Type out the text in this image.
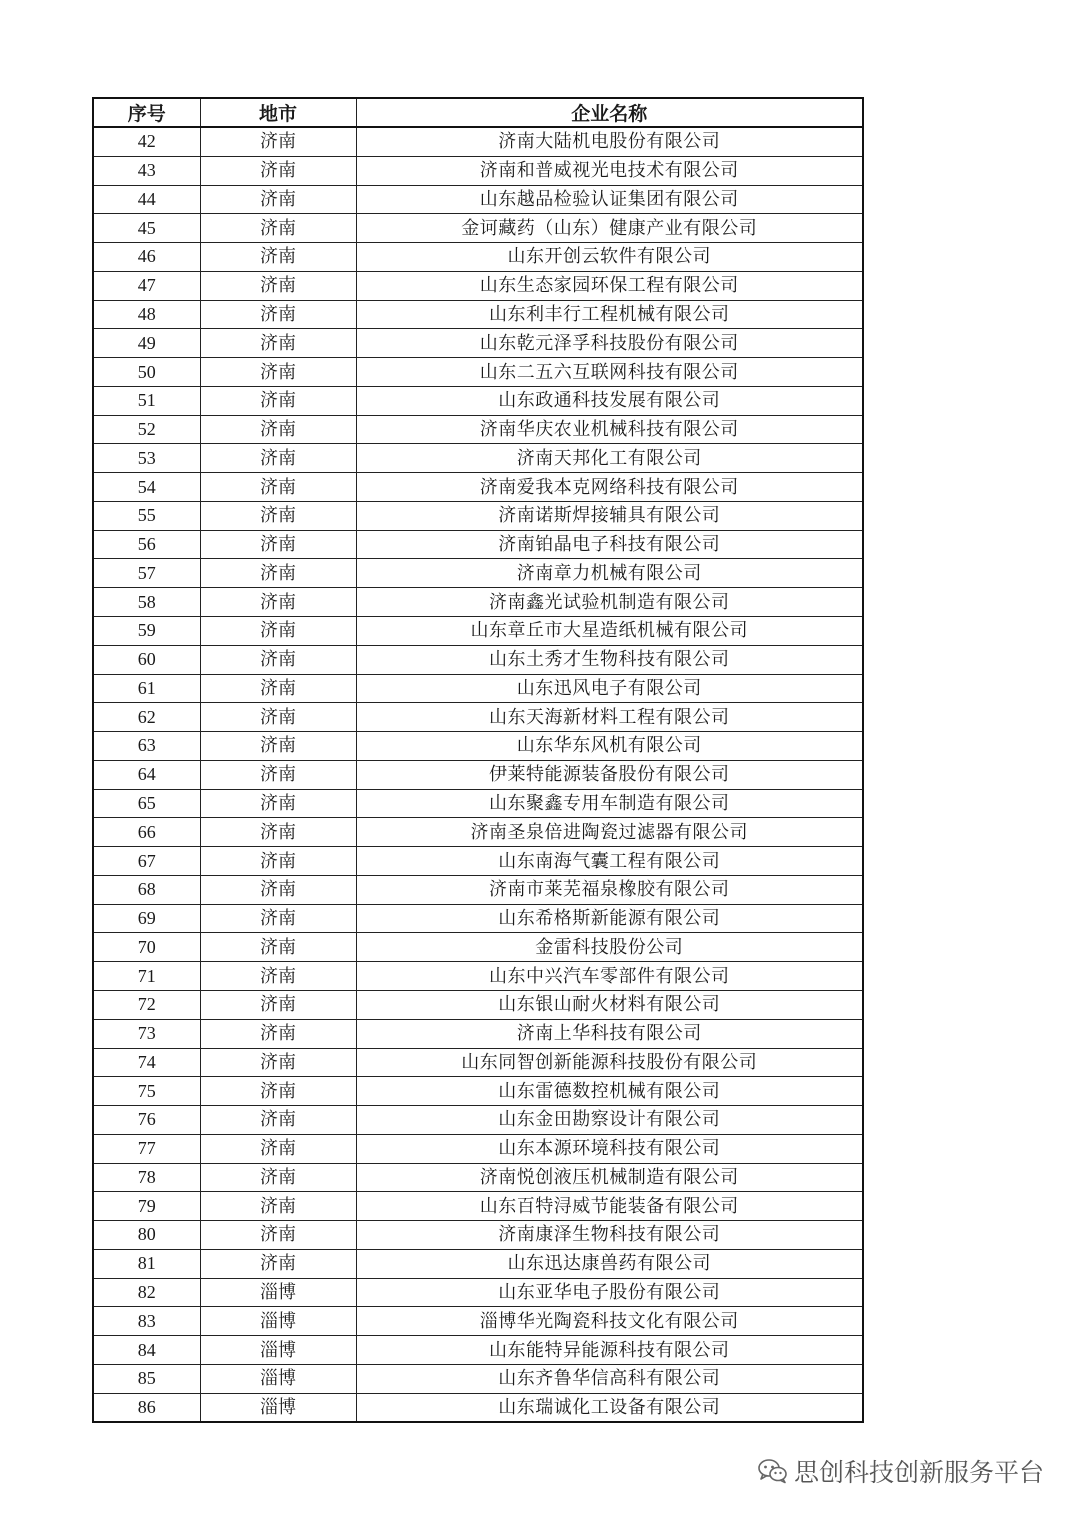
序号	地市	企业名称
42	济南	济南大陆机电股份有限公司
43	济南	济南和普威视光电技术有限公司
44	济南	山东越品检验认证集团有限公司
45	济南	金诃藏药（山东）健康产业有限公司
46	济南	山东开创云软件有限公司
47	济南	山东生态家园环保工程有限公司
48	济南	山东利丰行工程机械有限公司
49	济南	山东乾元泽孚科技股份有限公司
50	济南	山东二五六互联网科技有限公司
51	济南	山东政通科技发展有限公司
52	济南	济南华庆农业机械科技有限公司
53	济南	济南天邦化工有限公司
54	济南	济南爱我本克网络科技有限公司
55	济南	济南诺斯焊接辅具有限公司
56	济南	济南铂晶电子科技有限公司
57	济南	济南章力机械有限公司
58	济南	济南鑫光试验机制造有限公司
59	济南	山东章丘市大星造纸机械有限公司
60	济南	山东土秀才生物科技有限公司
61	济南	山东迅风电子有限公司
62	济南	山东天海新材料工程有限公司
63	济南	山东华东风机有限公司
64	济南	伊莱特能源装备股份有限公司
65	济南	山东聚鑫专用车制造有限公司
66	济南	济南圣泉倍进陶瓷过滤器有限公司
67	济南	山东南海气囊工程有限公司
68	济南	济南市莱芜福泉橡胶有限公司
69	济南	山东希格斯新能源有限公司
70	济南	金雷科技股份公司
71	济南	山东中兴汽车零部件有限公司
72	济南	山东银山耐火材料有限公司
73	济南	济南上华科技有限公司
74	济南	山东同智创新能源科技股份有限公司
75	济南	山东雷德数控机械有限公司
76	济南	山东金田勘察设计有限公司
77	济南	山东本源环境科技有限公司
78	济南	济南悦创液压机械制造有限公司
79	济南	山东百特浔威节能装备有限公司
80	济南	济南康泽生物科技有限公司
81	济南	山东迅达康兽药有限公司
82	淄博	山东亚华电子股份有限公司
83	淄博	淄博华光陶瓷科技文化有限公司
84	淄博	山东能特异能源科技有限公司
85	淄博	山东齐鲁华信高科有限公司
86	淄博	山东瑞诚化工设备有限公司
思创科技创新服务平台
